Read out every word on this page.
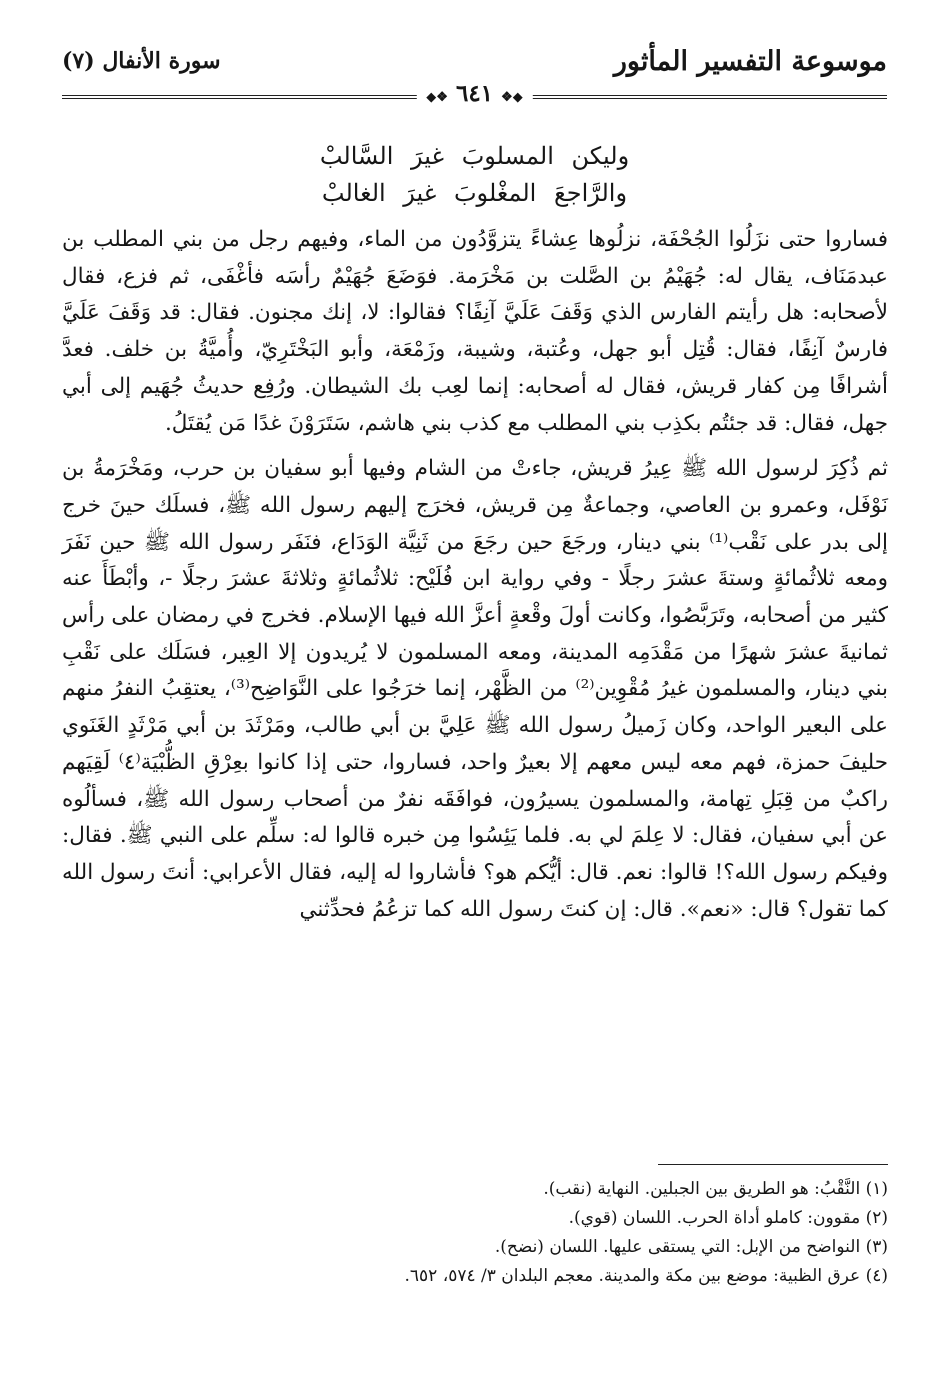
موسوعة التفسير المأثور
سورة الأنفال (٧)
◆❖ ٦٤١ ❖◆
وليكن المسلوبَ غيرَ السَّالبْ
والرَّاجعَ المغْلوبَ غيرَ الغالبْ

فساروا حتى نزَلُوا الجُحْفَة، نزلُوها عِشاءً يتزوَّدُون من الماء، وفيهم رجل من بني المطلب بن عبدمَنَاف، يقال له: جُهَيْمُ بن الصَّلت بن مَخْرَمة. فوَضَعَ جُهَيْمٌ رأسَه فأغْفَى، ثم فزع، فقال لأصحابه: هل رأيتم الفارس الذي وَقَفَ عَلَيَّ آنِفًا؟ فقالوا: لا، إنك مجنون. فقال: قد وَقَفَ عَلَيَّ فارسٌ آنِفًا، فقال: قُتِل أبو جهل، وعُتبة، وشيبة، وزَمْعَة، وأبو البَخْتَرِيّ، وأُميَّةُ بن خلف. فعدَّ أشرافًا مِن كفار قريش، فقال له أصحابه: إنما لعِب بك الشيطان. ورُفِع حديثُ جُهَيم إلى أبي جهل، فقال: قد جئتُم بكذِب بني المطلب مع كذب بني هاشم، سَتَرَوْنَ غدًا مَن يُقتَلُ.

ثم ذُكِرَ لرسول الله ﷺ عِيرُ قريش، جاءتْ من الشام وفيها أبو سفيان بن حرب، ومَخْرَمةُ بن نَوْفَل، وعمرو بن العاصي، وجماعةٌ مِن قريش، فخرَج إليهم رسول الله ﷺ، فسلَك حينَ خرج إلى بدر على نَقْب⁽¹⁾ بني دينار، ورجَعَ حين رجَعَ من ثَنِيَّة الوَدَاع، فنَفَر رسول الله ﷺ حين نَفَرَ ومعه ثلاثُمائةٍ وستةَ عشرَ رجلًا - وفي رواية ابن فُلَيْح: ثلاثُمائةٍ وثلاثةَ عشرَ رجلًا -، وأبْطَأَ عنه كثير من أصحابه، وتَرَبَّصُوا، وكانت أولَ وقْعةٍ أعزَّ الله فيها الإسلام. فخرج في رمضان على رأس ثمانيةَ عشرَ شهرًا من مَقْدَمِه المدينة، ومعه المسلمون لا يُريدون إلا العِير، فسَلَك على نَقْبِ بني دينار، والمسلمون غيرُ مُقْوِين⁽²⁾ من الظَّهْر، إنما خرَجُوا على النَّوَاضِح⁽³⁾، يعتقِبُ النفرُ منهم على البعير الواحد، وكان زَميلُ رسول الله ﷺ عَلِيَّ بن أبي طالب، ومَرْثَدَ بن أبي مَرْثَدٍ الغَنَوي حليفَ حمزة، فهم معه ليس معهم إلا بعيرٌ واحد، فساروا، حتى إذا كانوا بعِرْقِ الظُّبْيَة⁽٤⁾ لَقِيَهم راكبٌ من قِبَلِ تِهامة، والمسلمون يسيرُون، فوافَقَه نفرٌ من أصحاب رسول الله ﷺ، فسألُوه عن أبي سفيان، فقال: لا عِلمَ لي به. فلما يَئِسُوا مِن خبره قالوا له: سلِّم على النبي ﷺ. فقال: وفيكم رسول الله؟! قالوا: نعم. قال: أيُّكم هو؟ فأشاروا له إليه، فقال الأعرابي: أنتَ رسول الله كما تقول؟ قال: «نعم». قال: إن كنتَ رسول الله كما تزعُمُ فحدِّثني

(١) النَّقْبُ: هو الطريق بين الجبلين. النهاية (نقب).
(٢) مقوون: كاملو أداة الحرب. اللسان (قوي).
(٣) النواضح من الإبل: التي يستقى عليها. اللسان (نضح).
(٤) عرق الظبية: موضع بين مكة والمدينة. معجم البلدان ٣/ ٥٧٤، ٦٥٢.
